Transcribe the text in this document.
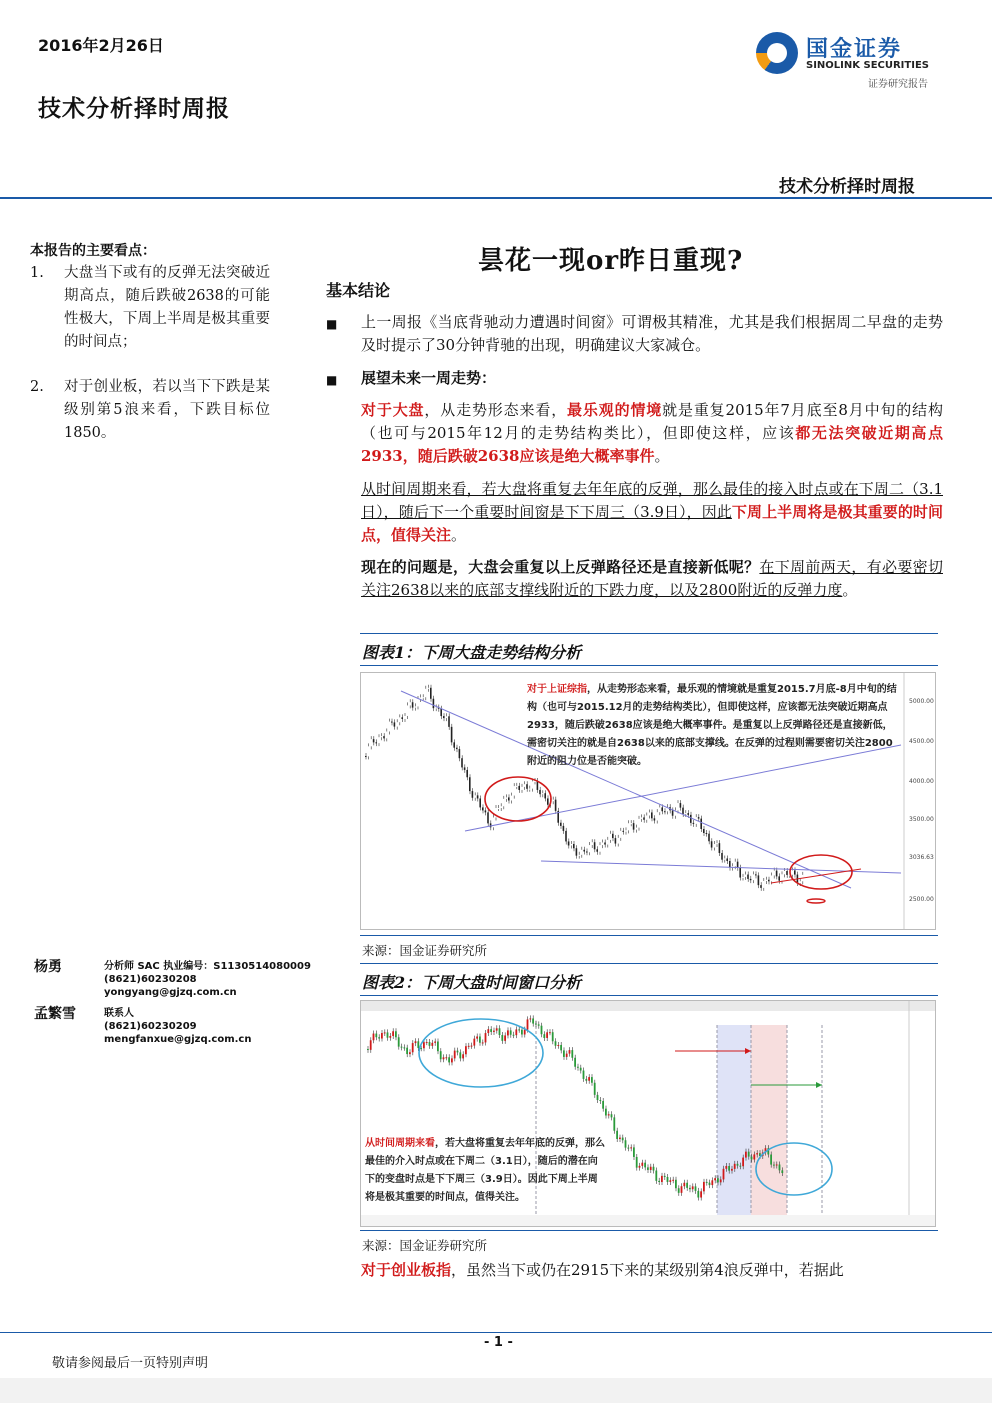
2016年2月26日
技术分析择时周报
国金证券
SINOLINK SECURITIES
证券研究报告
技术分析择时周报
昙花一现or昨日重现?
本报告的主要看点：
1. 大盘当下或有的反弹无法突破近期高点，随后跌破2638的可能性极大，下周上半周是极其重要的时间点；
2. 对于创业板，若以当下下跌是某级别第5浪来看，下跌目标位1850。
杨勇	分析师 SAC 执业编号：S1130514080009
(8621)60230208
yongyang@gjzq.com.cn
孟繁雪	联系人
(8621)60230209
mengfanxue@gjzq.com.cn
基本结论
■ 上一周报《当底背驰动力遭遇时间窗》可谓极其精准，尤其是我们根据周二早盘的走势及时提示了30分钟背驰的出现，明确建议大家减仓。
■ 展望未来一周走势：
对于大盘，从走势形态来看，最乐观的情境就是重复2015年7月底至8月中旬的结构（也可与2015年12月的走势结构类比），但即使这样，应该都无法突破近期高点2933，随后跌破2638应该是绝大概率事件。
从时间周期来看，若大盘将重复去年年底的反弹，那么最佳的接入时点或在下周二（3.1日），随后下一个重要时间窗是下下周三（3.9日），因此下周上半周将是极其重要的时间点，值得关注。
现在的问题是，大盘会重复以上反弹路径还是直接新低呢？在下周前两天，有必要密切关注2638以来的底部支撑线附近的下跌力度，以及2800附近的反弹力度。
图表1：下周大盘走势结构分析
5000.00
4500.00
4000.00
3500.00
3036.63
2500.00
对于上证综指，从走势形态来看，最乐观的情境就是重复2015.7月底-8月中旬的结构（也可与2015.12月的走势结构类比），但即使这样，应该都无法突破近期高点2933，随后跌破2638应该是绝大概率事件。是重复以上反弹路径还是直接新低，需密切关注的就是自2638以来的底部支撑线。在反弹的过程则需要密切关注2800附近的阻力位是否能突破。
来源：国金证券研究所
图表2：下周大盘时间窗口分析
从时间周期来看，若大盘将重复去年年底的反弹，那么最佳的介入时点或在下周二（3.1日），随后的潜在向下的变盘时点是下下周三（3.9日）。因此下周上半周将是极其重要的时间点，值得关注。
来源：国金证券研究所
对于创业板指，虽然当下或仍在2915下来的某级别第4浪反弹中，若据此
- 1 -
敬请参阅最后一页特别声明
